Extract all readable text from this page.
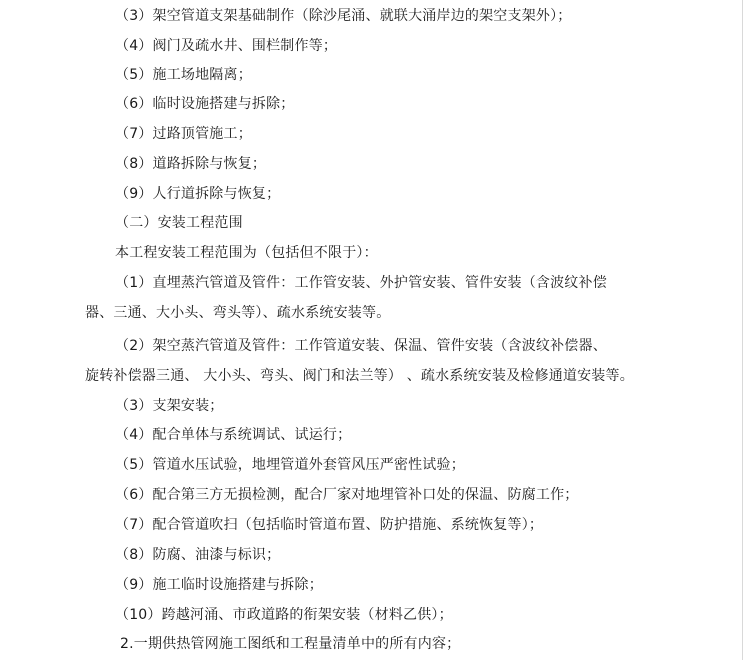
（3）架空管道支架基础制作（除沙尾涌、就联大涌岸边的架空支架外）；

（4）阀门及疏水井、围栏制作等；

（5）施工场地隔离；

（6）临时设施搭建与拆除；

（7）过路顶管施工；

（8）道路拆除与恢复；

（9）人行道拆除与恢复；

（二）安装工程范围

本工程安装工程范围为（包括但不限于）：

（1）直埋蒸汽管道及管件：工作管安装、外护管安装、管件安装（含波纹补偿

器、三通、大小头、弯头等）、疏水系统安装等。

（2）架空蒸汽管道及管件：工作管道安装、保温、管件安装（含波纹补偿器、

旋转补偿器三通、 大小头、弯头、阀门和法兰等） 、疏水系统安装及检修通道安装等。

（3）支架安装；

（4）配合单体与系统调试、试运行；

（5）管道水压试验，地埋管道外套管风压严密性试验；

（6）配合第三方无损检测，配合厂家对地埋管补口处的保温、防腐工作；

（7）配合管道吹扫（包括临时管道布置、防护措施、系统恢复等）；

（8）防腐、油漆与标识；

（9）施工临时设施搭建与拆除；

（10）跨越河涌、市政道路的衔架安装（材料乙供）；

2.一期供热管网施工图纸和工程量清单中的所有内容；
